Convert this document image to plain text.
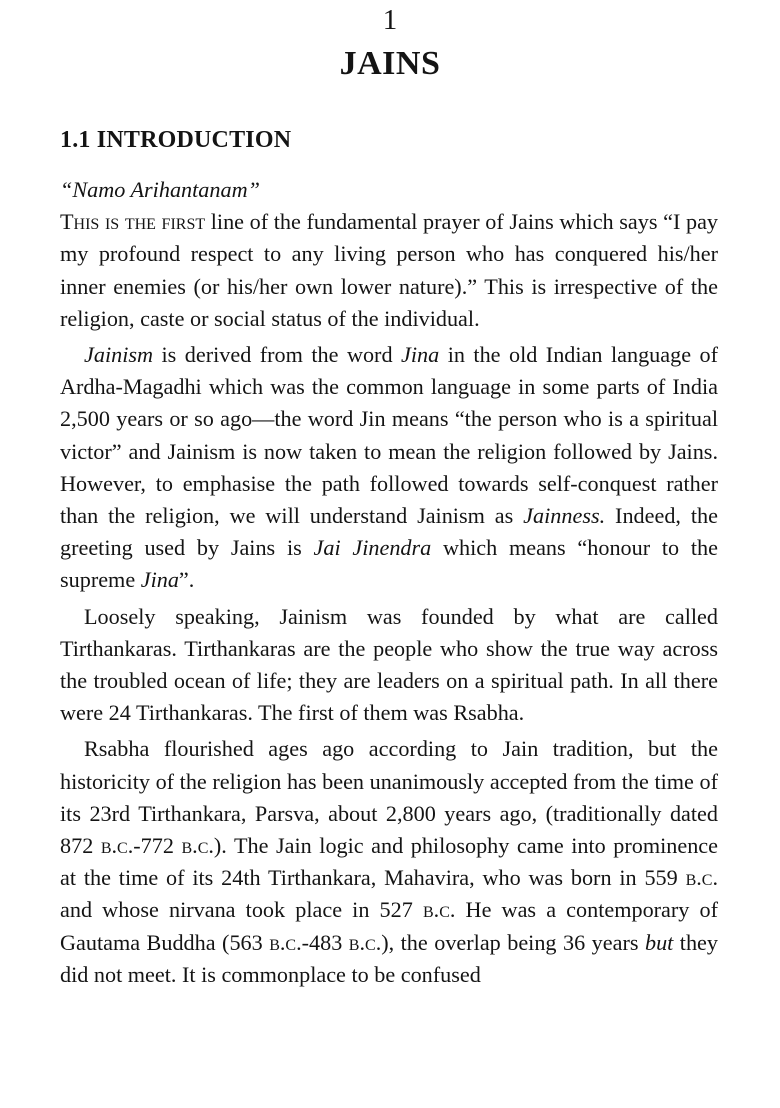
1
JAINS
1.1 INTRODUCTION

“Namo Arihantanam”

This is the first line of the fundamental prayer of Jains which says “I pay my profound respect to any living person who has conquered his/her inner enemies (or his/her own lower nature).” This is irrespective of the religion, caste or social status of the individual.

Jainism is derived from the word Jina in the old Indian language of Ardha-Magadhi which was the common language in some parts of India 2,500 years or so ago—the word Jin means “the person who is a spiritual victor” and Jainism is now taken to mean the religion followed by Jains. However, to emphasise the path followed towards self-conquest rather than the religion, we will understand Jainism as Jainness. Indeed, the greeting used by Jains is Jai Jinendra which means “honour to the supreme Jina”.

Loosely speaking, Jainism was founded by what are called Tirthankaras. Tirthankaras are the people who show the true way across the troubled ocean of life; they are leaders on a spiritual path. In all there were 24 Tirthankaras. The first of them was Rsabha.

Rsabha flourished ages ago according to Jain tradition, but the historicity of the religion has been unanimously accepted from the time of its 23rd Tirthankara, Parsva, about 2,800 years ago, (traditionally dated 872 b.c.-772 b.c.). The Jain logic and philosophy came into prominence at the time of its 24th Tirthankara, Mahavira, who was born in 559 b.c. and whose nirvana took place in 527 b.c. He was a contemporary of Gautama Buddha (563 b.c.-483 b.c.), the overlap being 36 years but they did not meet. It is commonplace to be confused
